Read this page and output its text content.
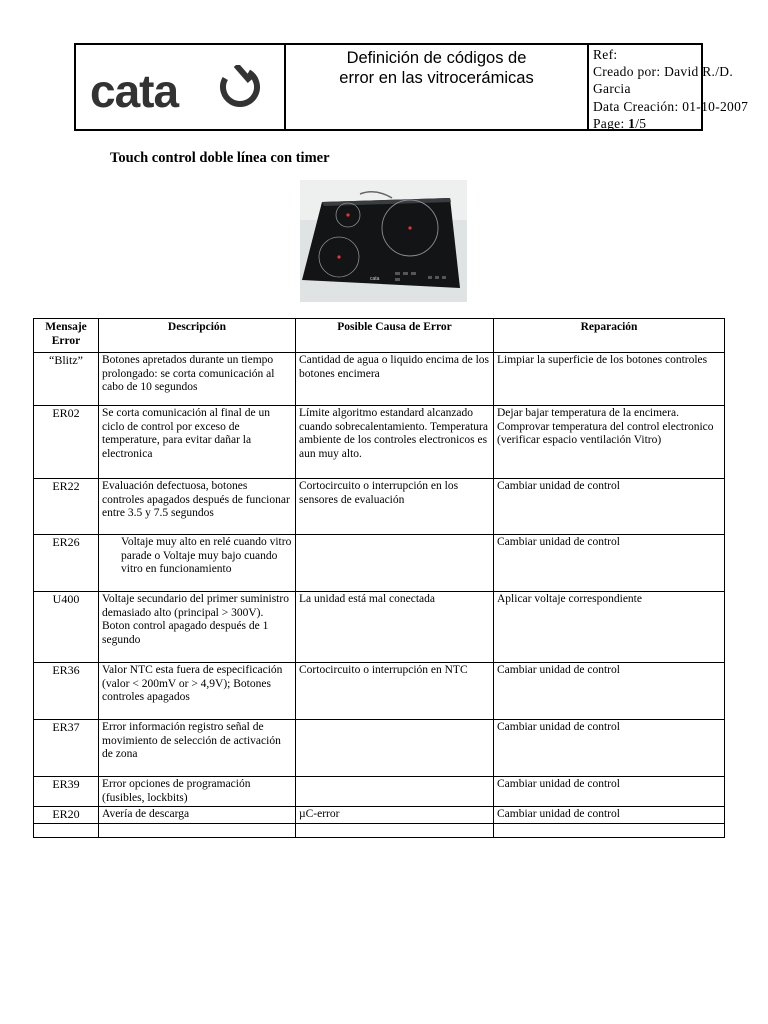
cata
Definición de códigos de
error en las vitrocerámicas
Ref:
Creado por: David R./D.
Garcia
Data Creación: 01-10-2007
Page: 1/5
Touch control doble línea con timer
cata
Mensaje Error	Descripción	Posible Causa de Error	Reparación
“Blitz”	Botones apretados durante un tiempo prolongado: se corta comunicación al cabo de 10 segundos	Cantidad de agua o liquido encima de los botones encimera	Limpiar la superficie de los botones controles
ER02	Se corta comunicación al final de un ciclo de control por exceso de temperature, para evitar dañar la electronica	Límite algoritmo estandard alcanzado cuando sobrecalentamiento. Temperatura ambiente de los controles electronicos es aun muy alto.	Dejar bajar temperatura de la encimera. Comprovar temperatura del control electronico (verificar espacio ventilación Vitro)
ER22	Evaluación defectuosa, botones controles apagados después de funcionar entre 3.5 y 7.5 segundos	Cortocircuito o interrupción en los sensores de evaluación	Cambiar unidad de control
ER26	Voltaje muy alto en relé cuando vitro parade o Voltaje muy bajo cuando vitro en funcionamiento		Cambiar unidad de control
U400	Voltaje secundario del primer suministro demasiado alto (principal > 300V). Boton control apagado después de 1 segundo	La unidad está mal conectada	Aplicar voltaje correspondiente
ER36	Valor NTC esta fuera de especificación (valor < 200mV or > 4,9V); Botones controles apagados	Cortocircuito o interrupción en NTC	Cambiar unidad de control
ER37	Error información registro señal de movimiento de selección de activación de zona		Cambiar unidad de control
ER39	Error opciones de programación (fusibles, lockbits)		Cambiar unidad de control
ER20	Avería de descarga	µC-error	Cambiar unidad de control
